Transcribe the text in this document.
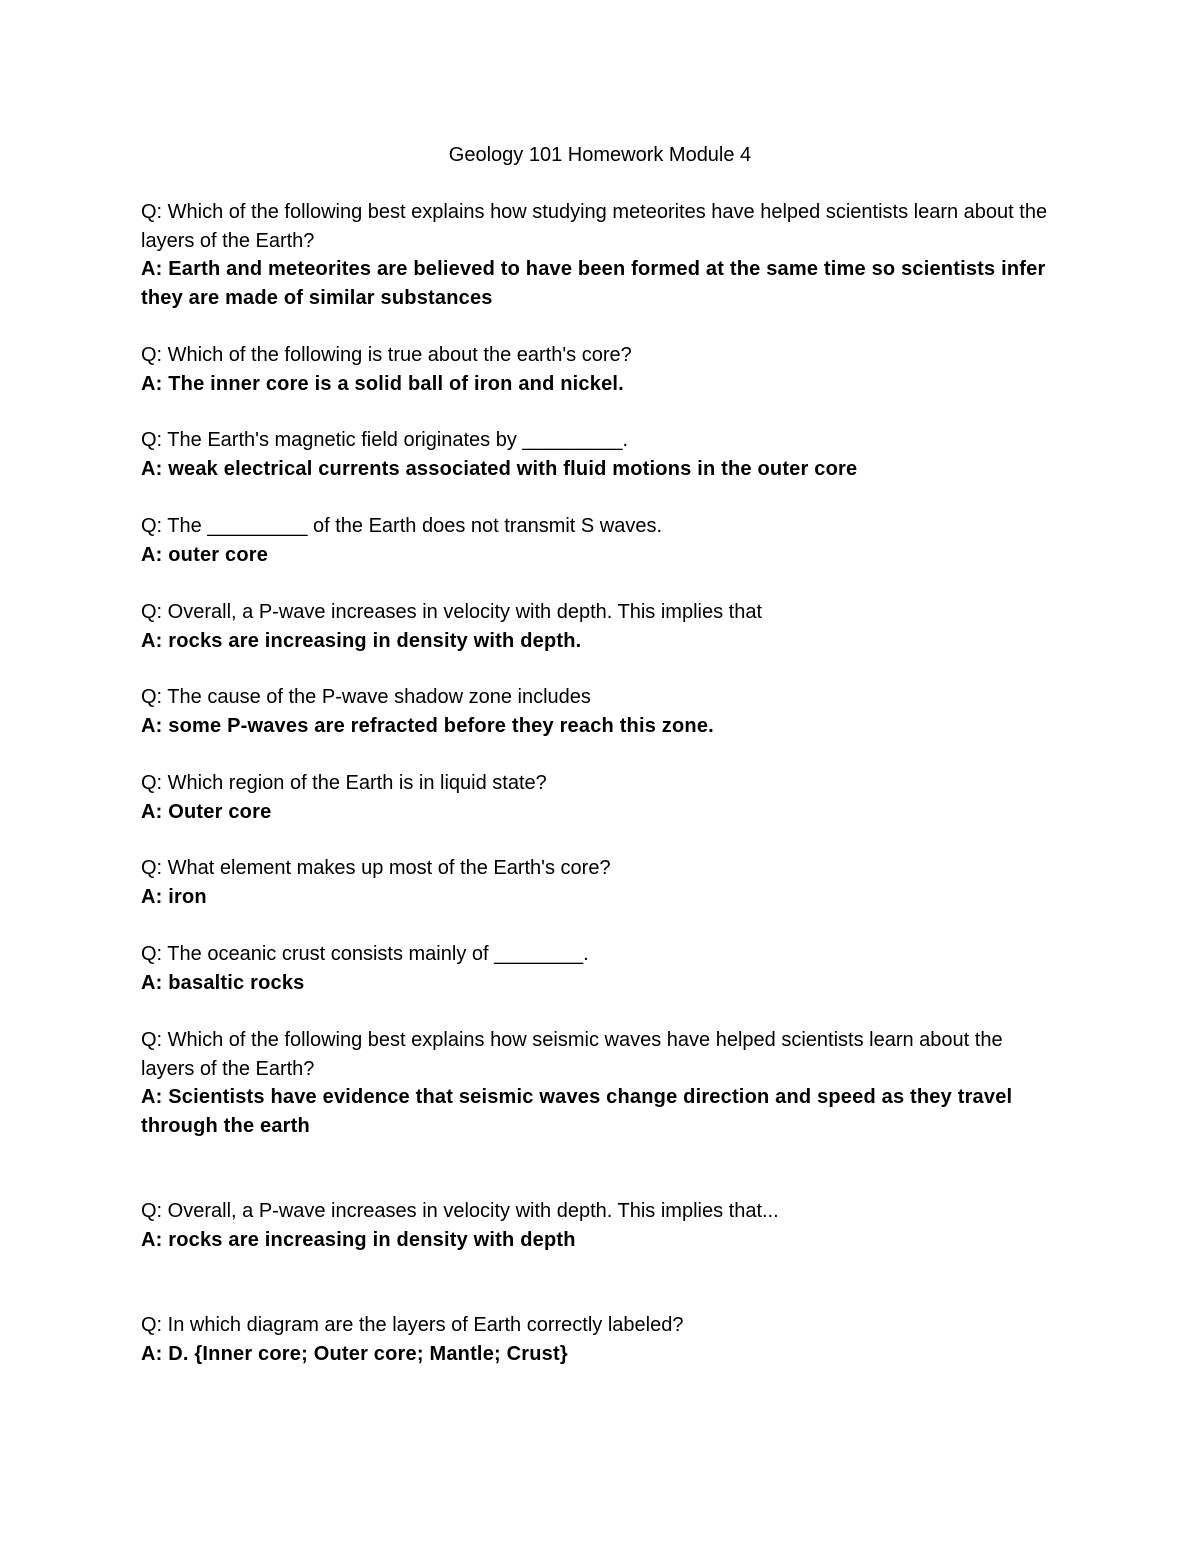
Geology 101 Homework Module 4

Q: Which of the following best explains how studying meteorites have helped scientists learn about the layers of the Earth?

A: Earth and meteorites are believed to have been formed at the same time so scientists infer they are made of similar substances

Q: Which of the following is true about the earth's core?

A: The inner core is a solid ball of iron and nickel.

Q: The Earth's magnetic field originates by _________.

A: weak electrical currents associated with fluid motions in the outer core

Q: The _________ of the Earth does not transmit S waves.

A: outer core

Q: Overall, a P-wave increases in velocity with depth. This implies that

A: rocks are increasing in density with depth.

Q: The cause of the P-wave shadow zone includes

A: some P-waves are refracted before they reach this zone.

Q: Which region of the Earth is in liquid state?

A: Outer core

Q: What element makes up most of the Earth's core?

A: iron

Q: The oceanic crust consists mainly of ________.

A: basaltic rocks

Q: Which of the following best explains how seismic waves have helped scientists learn about the layers of the Earth?

A: Scientists have evidence that seismic waves change direction and speed as they travel through the earth

Q: Overall, a P-wave increases in velocity with depth. This implies that...

A: rocks are increasing in density with depth

Q: In which diagram are the layers of Earth correctly labeled?

A: D. {Inner core; Outer core; Mantle; Crust}
